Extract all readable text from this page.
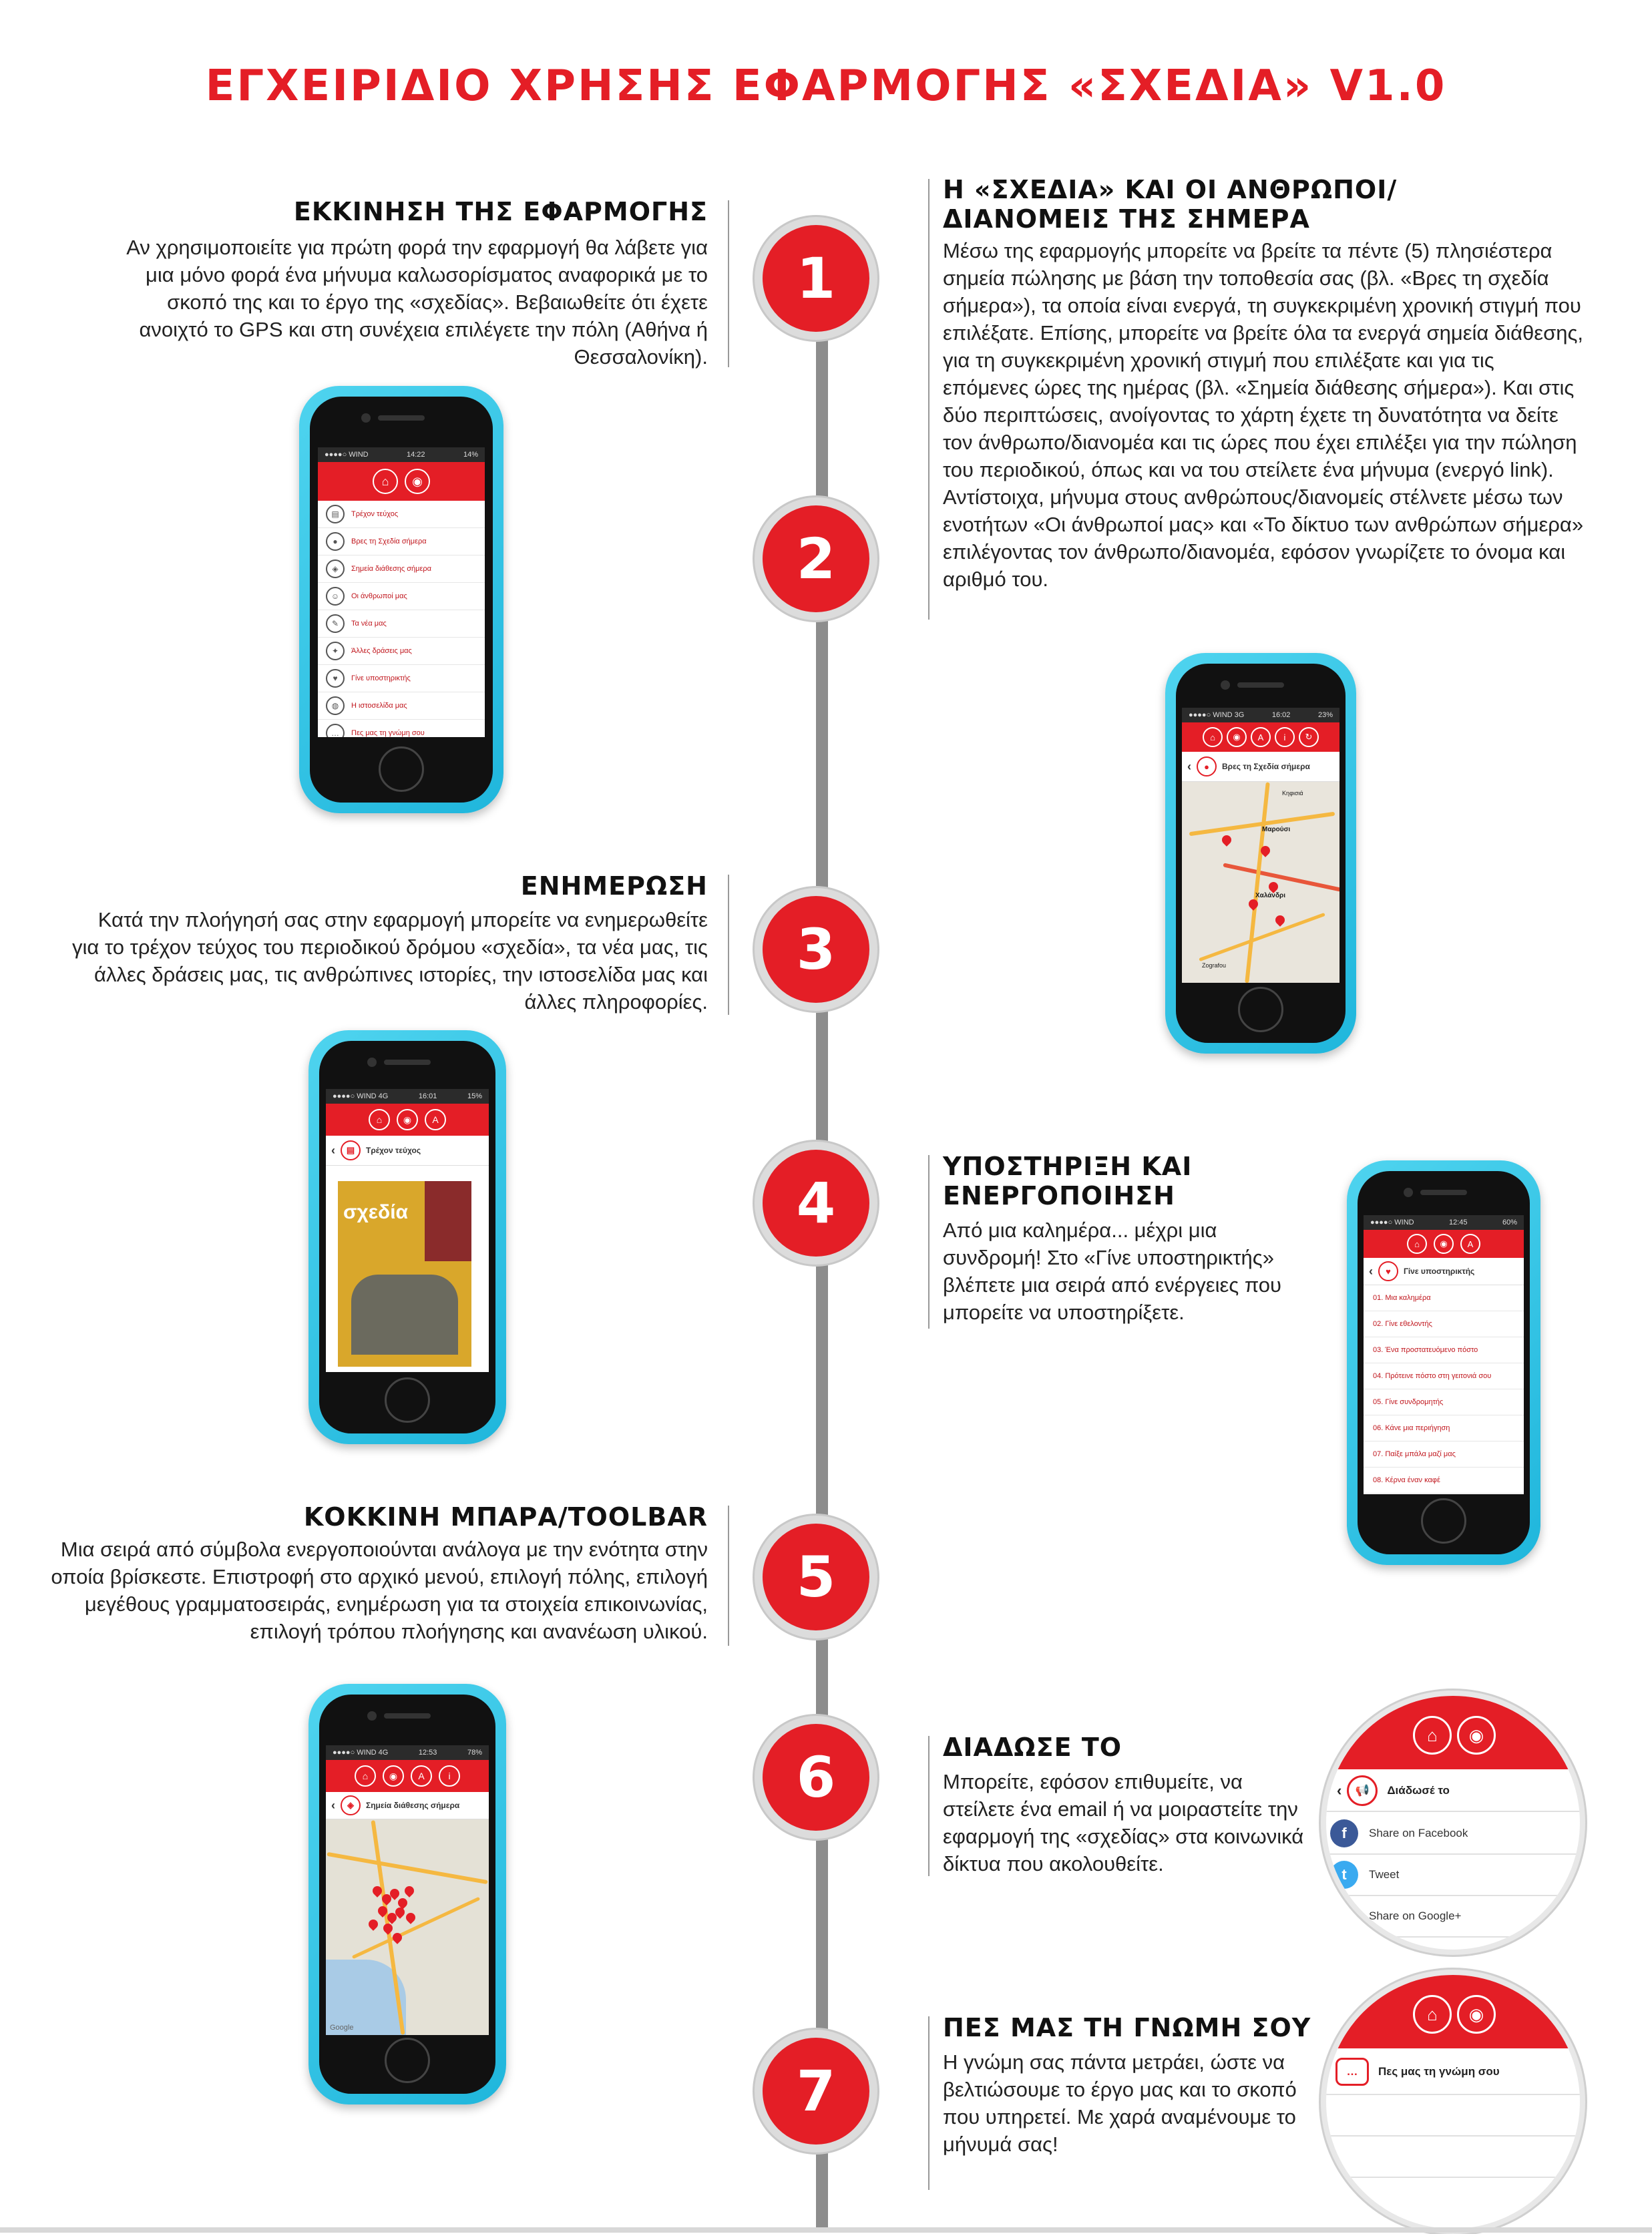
ΕΓΧΕΙΡΙΔΙΟ ΧΡΗΣΗΣ ΕΦΑΡΜΟΓΗΣ «ΣΧΕΔΙΑ» V1.0
1
2
3
4
5
6
7
ΕΚΚΙΝΗΣΗ ΤΗΣ ΕΦΑΡΜΟΓΗΣ
Αν χρησιμοποιείτε για πρώτη φορά την εφαρμογή θα λάβετε για μια μόνο φορά ένα μήνυμα καλωσορίσματος αναφορικά με το σκοπό της και το έργο της «σχεδίας». Βεβαιωθείτε ότι έχετε ανοιχτό το GPS και στη συνέχεια επιλέγετε την πόλη (Αθήνα ή Θεσσαλονίκη).
Η «ΣΧΕΔΙΑ» ΚΑΙ ΟΙ ΑΝΘΡΩΠΟΙ/
ΔΙΑΝΟΜΕΙΣ ΤΗΣ ΣΗΜΕΡΑ
Μέσω της εφαρμογής μπορείτε να βρείτε τα πέντε (5) πλησιέστερα σημεία πώλησης με βάση την τοποθεσία σας (βλ. «Βρες τη σχεδία σήμερα»), τα οποία είναι ενεργά, τη συγκεκριμένη χρονική στιγμή που επιλέξατε. Επίσης, μπορείτε να βρείτε όλα τα ενεργά σημεία διάθεσης, για τη συγκεκριμένη χρονική στιγμή που επιλέξατε και για τις επόμενες ώρες της ημέρας (βλ. «Σημεία διάθεσης σήμερα»). Και στις δύο περιπτώσεις, ανοίγοντας το χάρτη έχετε τη δυνατότητα να δείτε τον άνθρωπο/διανομέα και τις ώρες που έχει επιλέξει για την πώληση του περιοδικού, όπως και να του στείλετε ένα μήνυμα (ενεργό link). Αντίστοιχα, μήνυμα στους ανθρώπους/διανομείς στέλνετε μέσω των ενοτήτων «Οι άνθρωποί μας» και «Το δίκτυο των ανθρώπων σήμερα» επιλέγοντας τον άνθρωπο/διανομέα, εφόσον γνωρίζετε το όνομα και αριθμό του.
ΕΝΗΜΕΡΩΣΗ
Κατά την πλοήγησή σας στην εφαρμογή μπορείτε να ενημερωθείτε για το τρέχον τεύχος του περιοδικού δρόμου «σχεδία», τα νέα μας, τις άλλες δράσεις μας, τις ανθρώπινες ιστορίες, την ιστοσελίδα μας και άλλες πληροφορίες.
ΥΠΟΣΤΗΡΙΞΗ ΚΑΙ
ΕΝΕΡΓΟΠΟΙΗΣΗ
Από μια καλημέρα... μέχρι μια συνδρομή! Στο «Γίνε υποστηρικτής» βλέπετε μια σειρά από ενέργειες που μπορείτε να υποστηρίξετε.
ΚΟΚΚΙΝΗ ΜΠΑΡΑ/TOOLBAR
Μια σειρά από σύμβολα ενεργοποιούνται ανάλογα με την ενότητα στην οποία βρίσκεστε. Επιστροφή στο αρχικό μενού, επιλογή πόλης, επιλογή μεγέθους γραμματοσειράς, ενημέρωση για τα στοιχεία επικοινωνίας, επιλογή τρόπου πλοήγησης και ανανέωση υλικού.
ΔΙΑΔΩΣΕ ΤΟ
Μπορείτε, εφόσον επιθυμείτε, να στείλετε ένα email ή να μοιραστείτε την εφαρμογή της «σχεδίας» στα κοινωνικά δίκτυα που ακολουθείτε.
ΠΕΣ ΜΑΣ ΤΗ ΓΝΩΜΗ ΣΟΥ
Η γνώμη σας πάντα μετράει, ώστε να βελτιώσουμε το έργο μας και το σκοπό που υπηρετεί. Με χαρά αναμένουμε το μήνυμά σας!
●●●●○ WIND	14:22	14%
⌂	◉
▤	Τρέχον τεύχος
●	Βρες τη Σχεδία σήμερα
◈	Σημεία διάθεσης σήμερα
☺	Οι άνθρωποί μας
✎	Τα νέα μας
✦	Άλλες δράσεις μας
♥	Γίνε υποστηρικτής
◍	Η ιστοσελίδα μας
…	Πες μας τη γνώμη σου
●●●●○ WIND 3G	16:02	23%
⌂	◉	A	i	↻
‹	●	Βρες τη Σχεδία σήμερα
Κηφισιά
Μαρούσι
Χαλάνδρι
Zografou
●●●●○ WIND 4G	16:01	15%
⌂	◉	A
‹	▤	Τρέχον τεύχος
σχεδία	●●●●○ WIND	12:45	60%
⌂	◉	A
‹	♥	Γίνε υποστηρικτής
01. Μια καλημέρα
02. Γίνε εθελοντής
03. Ένα προστατευόμενο πόστο
04. Πρότεινε πόστο στη γειτονιά σου
05. Γίνε συνδρομητής
06. Κάνε μια περιήγηση
07. Παίξε μπάλα μαζί μας
08. Κέρνα έναν καφέ
●●●●○ WIND 4G	12:53	78%
⌂	◉	A	i
‹	◈	Σημεία διάθεσης σήμερα
Google
⌂	◉
‹	📢	Διάδωσέ το
f	Share on Facebook
t	Tweet
g+	Share on Google+
⌂	◉
…	Πες μας τη γνώμη σου
